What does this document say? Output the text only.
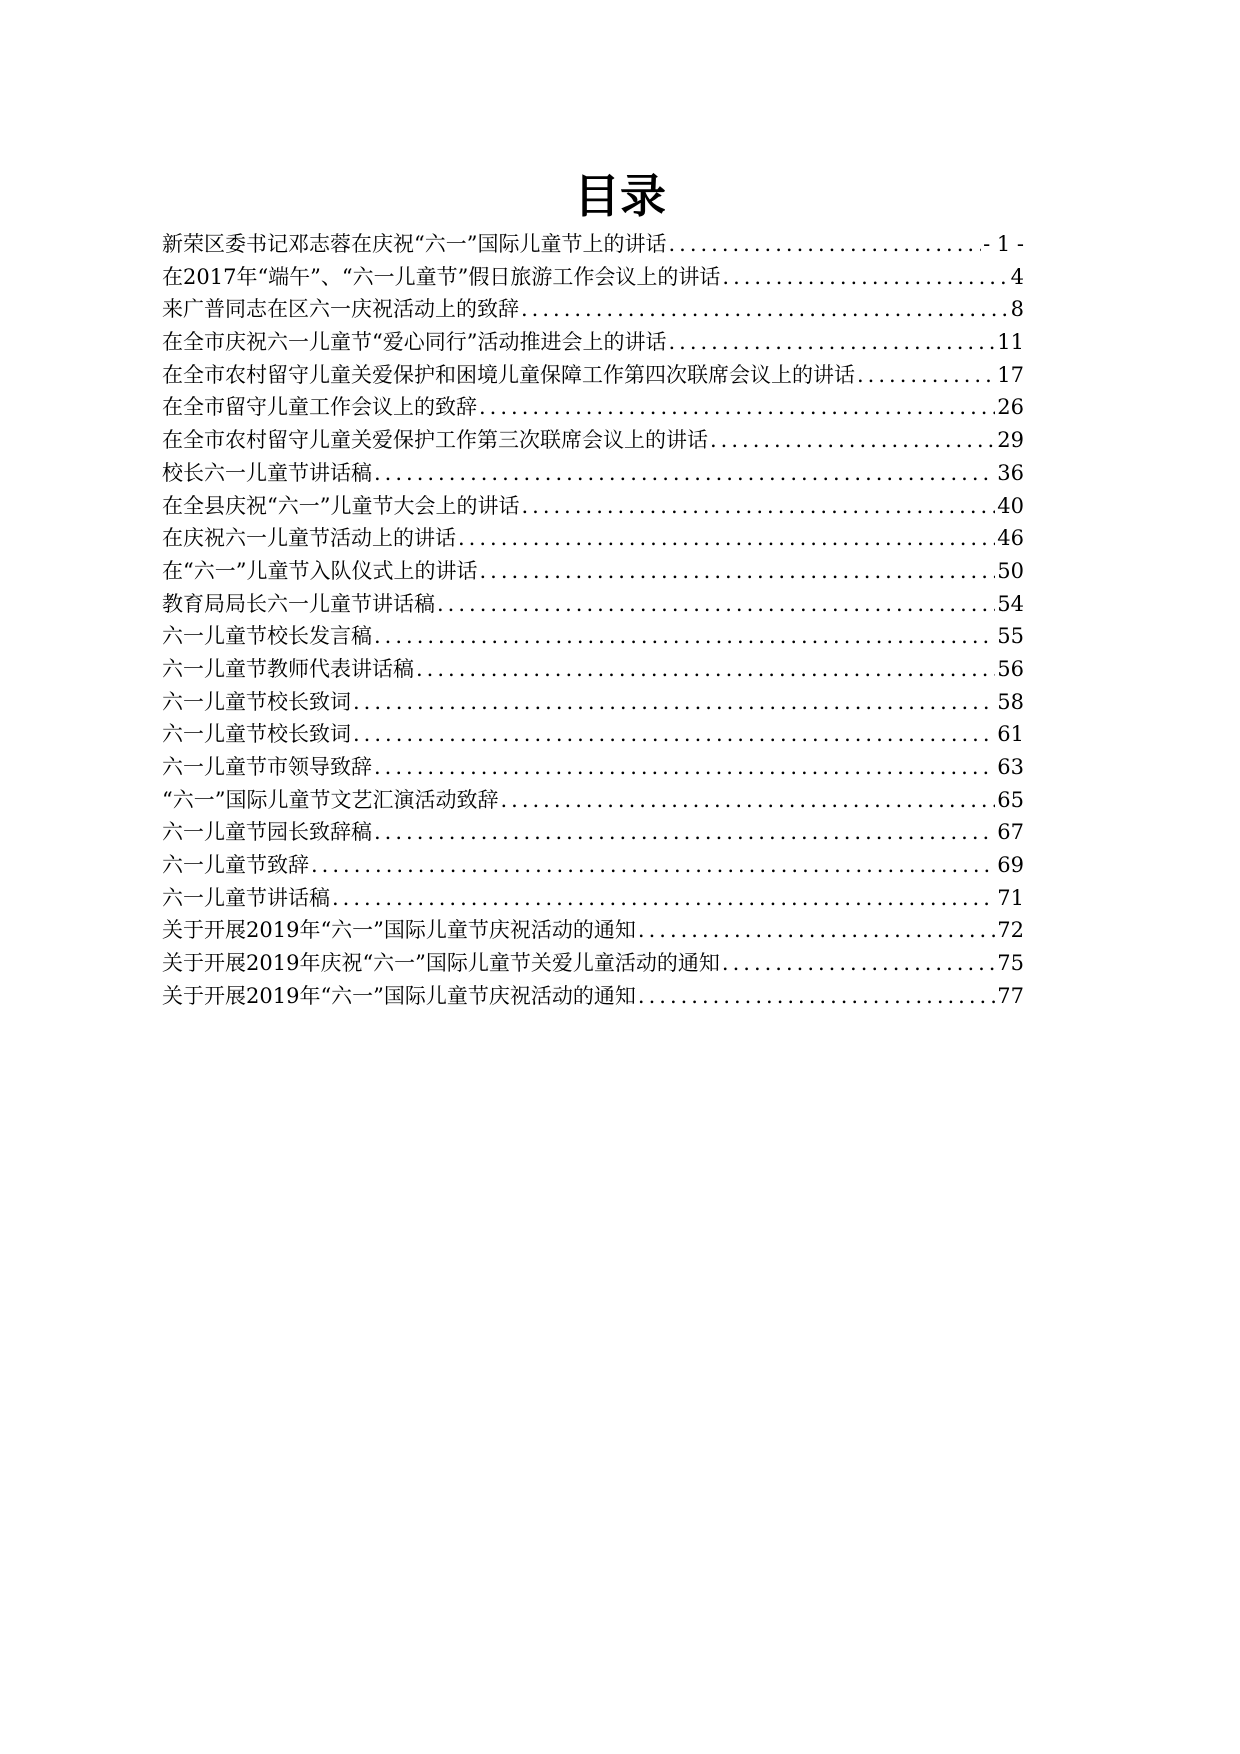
目录
新荣区委书记邓志蓉在庆祝“六一”国际儿童节上的讲话 .....	- 1 -
在2017年“端午”、“六一儿童节”假日旅游工作会议上的讲话 .....	4
来广普同志在区六一庆祝活动上的致辞 .....	8
在全市庆祝六一儿童节“爱心同行”活动推进会上的讲话 .....	11
在全市农村留守儿童关爱保护和困境儿童保障工作第四次联席会议上的讲话 .....	17
在全市留守儿童工作会议上的致辞 .....	26
在全市农村留守儿童关爱保护工作第三次联席会议上的讲话 .....	29
校长六一儿童节讲话稿 .....	36
在全县庆祝“六一”儿童节大会上的讲话 .....	40
在庆祝六一儿童节活动上的讲话 .....	46
在“六一”儿童节入队仪式上的讲话 .....	50
教育局局长六一儿童节讲话稿 .....	54
六一儿童节校长发言稿 .....	55
六一儿童节教师代表讲话稿 .....	56
六一儿童节校长致词 .....	58
六一儿童节校长致词 .....	61
六一儿童节市领导致辞 .....	63
“六一”国际儿童节文艺汇演活动致辞 .....	65
六一儿童节园长致辞稿 .....	67
六一儿童节致辞 .....	69
六一儿童节讲话稿 .....	71
关于开展2019年“六一”国际儿童节庆祝活动的通知 .....	72
关于开展2019年庆祝“六一”国际儿童节关爱儿童活动的通知 .....	75
关于开展2019年“六一”国际儿童节庆祝活动的通知 .....	77
